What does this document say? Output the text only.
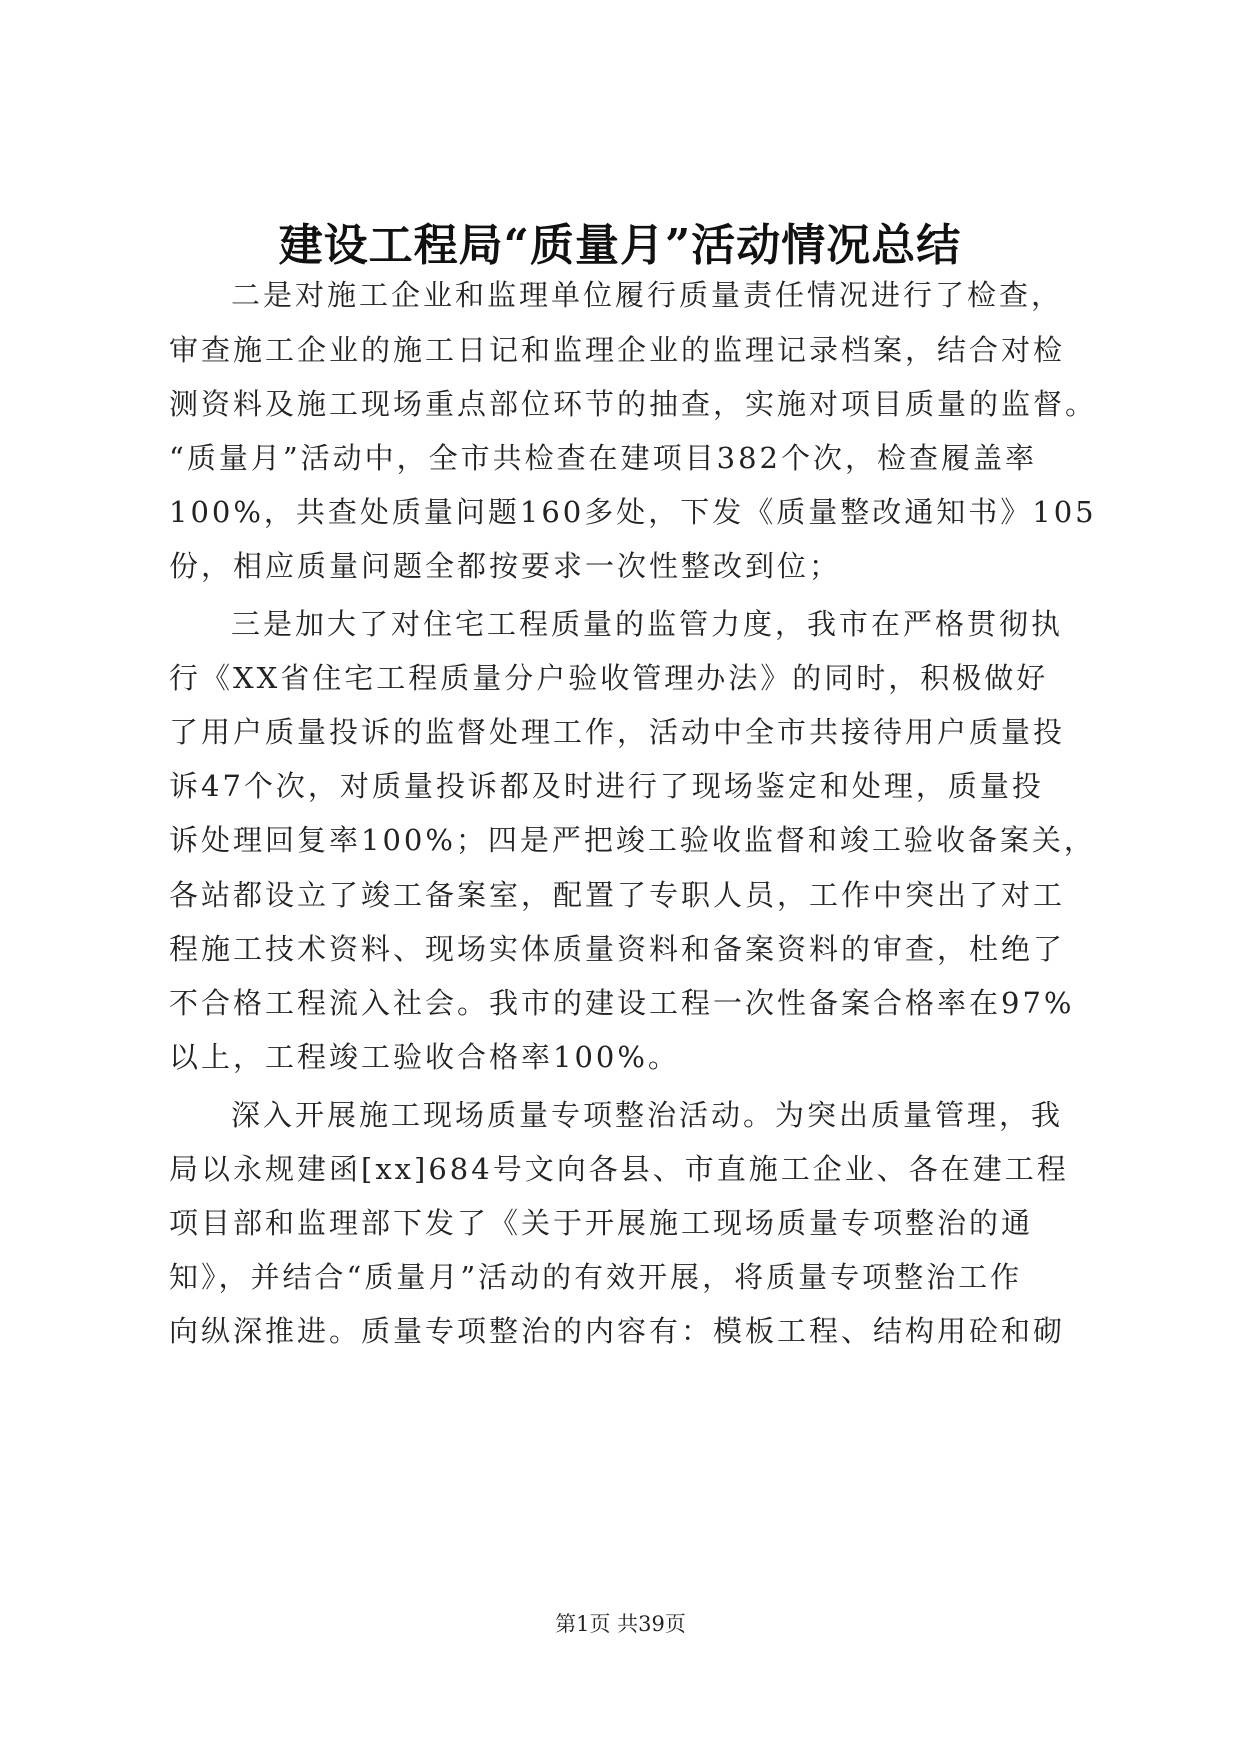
建设工程局“质量月”活动情况总结
二是对施工企业和监理单位履行质量责任情况进行了检查，
审查施工企业的施工日记和监理企业的监理记录档案，结合对检
测资料及施工现场重点部位环节的抽查，实施对项目质量的监督。
“质量月”活动中，全市共检查在建项目382个次，检查履盖率
100%，共查处质量问题160多处，下发《质量整改通知书》105
份，相应质量问题全都按要求一次性整改到位；
三是加大了对住宅工程质量的监管力度，我市在严格贯彻执
行《XX省住宅工程质量分户验收管理办法》的同时，积极做好
了用户质量投诉的监督处理工作，活动中全市共接待用户质量投
诉47个次，对质量投诉都及时进行了现场鉴定和处理，质量投
诉处理回复率100%；四是严把竣工验收监督和竣工验收备案关，
各站都设立了竣工备案室，配置了专职人员，工作中突出了对工
程施工技术资料、现场实体质量资料和备案资料的审查，杜绝了
不合格工程流入社会。我市的建设工程一次性备案合格率在97%
以上，工程竣工验收合格率100%。
深入开展施工现场质量专项整治活动。为突出质量管理，我
局以永规建函[xx]684号文向各县、市直施工企业、各在建工程
项目部和监理部下发了《关于开展施工现场质量专项整治的通
知》，并结合“质量月”活动的有效开展，将质量专项整治工作
向纵深推进。质量专项整治的内容有：模板工程、结构用砼和砌
第1页 共39页
